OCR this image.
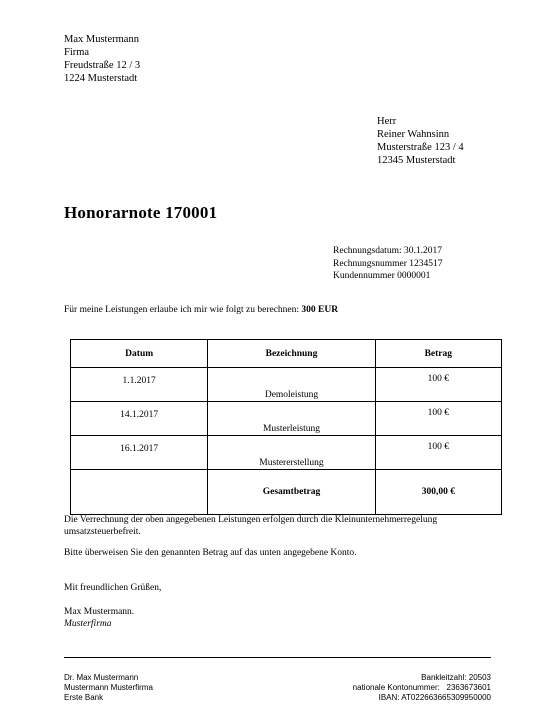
Max Mustermann
Firma
Freudstraße 12 / 3
1224 Musterstadt
Herr
Reiner Wahnsinn
Musterstraße 123 / 4
12345 Musterstadt
Honorarnote 170001
Rechnungsdatum: 30.1.2017
Rechnungsnummer 1234517
Kundennummer 0000001
Für meine Leistungen erlaube ich mir wie folgt zu berechnen: 300 EUR
Datum	Bezeichnung	Betrag
1.1.2017	Demoleistung	100 €
14.1.2017	Musterleistung	100 €
16.1.2017	Mustererstellung	100 €
	Gesamtbetrag	300,00 €
Die Verrechnung der oben angegebenen Leistungen erfolgen durch die Kleinunternehmerregelung umsatzsteuerbefreit.
Bitte überweisen Sie den genannten Betrag auf das unten angegebene Konto.
Mit freundlichen Grüßen,
Max Mustermann.
Musterfirma
Dr. Max Mustermann
Mustermann Musterfirma
Erste Bank
Bankleitzahl: 20503
nationale Kontonummer:   2363673601
IBAN: AT022663665309950000
